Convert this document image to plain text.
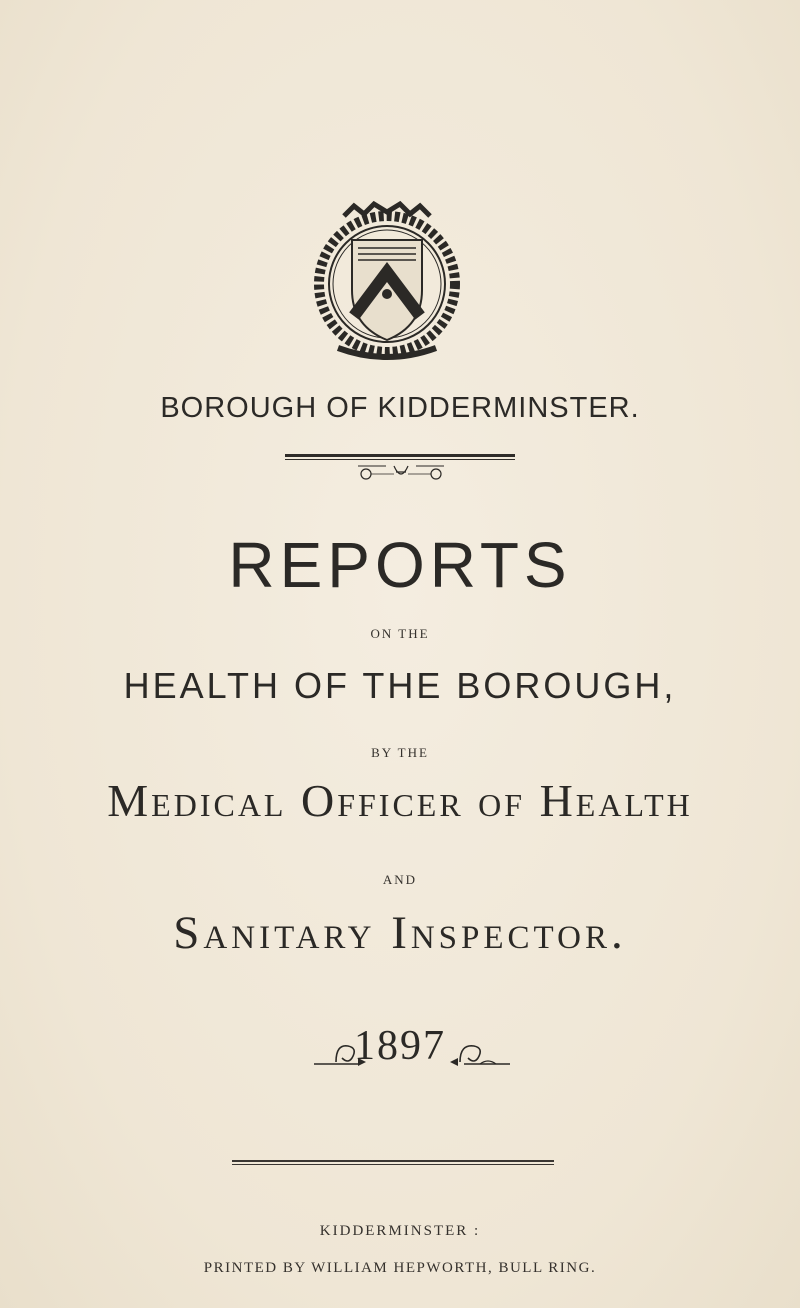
BOROUGH OF KIDDERMINSTER.
REPORTS
ON THE
HEALTH OF THE BOROUGH,
BY THE
Medical Officer of Health
AND
Sanitary Inspector.
1897
KIDDERMINSTER :
PRINTED BY WILLIAM HEPWORTH, BULL RING.
